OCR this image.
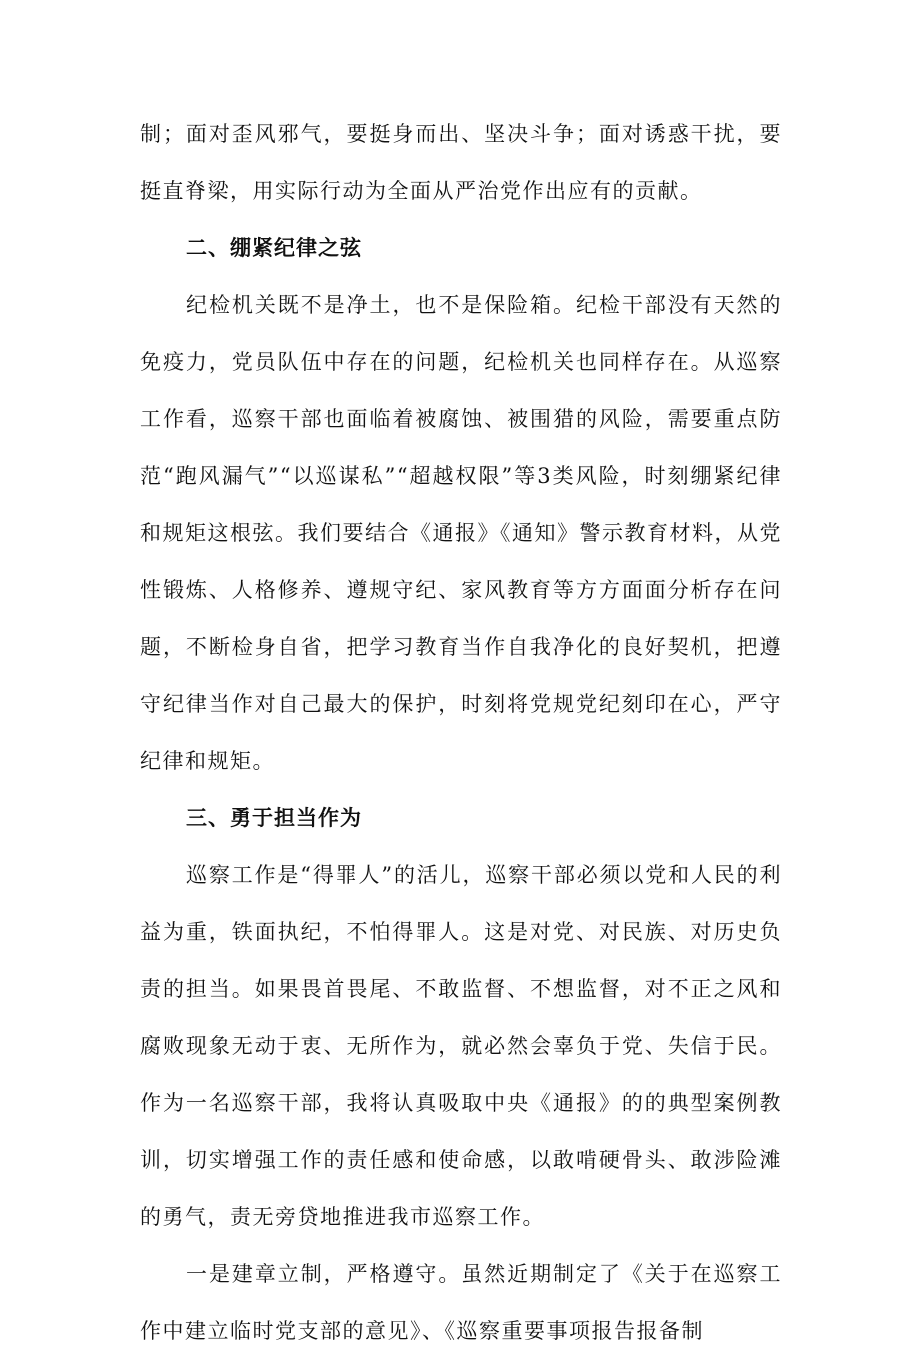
制；面对歪风邪气，要挺身而出、坚决斗争；面对诱惑干扰，要挺直脊梁，用实际行动为全面从严治党作出应有的贡献。

二、绷紧纪律之弦

纪检机关既不是净土，也不是保险箱。纪检干部没有天然的免疫力，党员队伍中存在的问题，纪检机关也同样存在。从巡察工作看，巡察干部也面临着被腐蚀、被围猎的风险，需要重点防范“跑风漏气”“以巡谋私”“超越权限”等3类风险，时刻绷紧纪律和规矩这根弦。我们要结合《通报》《通知》警示教育材料，从党性锻炼、人格修养、遵规守纪、家风教育等方方面面分析存在问题，不断检身自省，把学习教育当作自我净化的良好契机，把遵守纪律当作对自己最大的保护，时刻将党规党纪刻印在心，严守纪律和规矩。

三、勇于担当作为

巡察工作是“得罪人”的活儿，巡察干部必须以党和人民的利益为重，铁面执纪，不怕得罪人。这是对党、对民族、对历史负责的担当。如果畏首畏尾、不敢监督、不想监督，对不正之风和腐败现象无动于衷、无所作为，就必然会辜负于党、失信于民。作为一名巡察干部，我将认真吸取中央《通报》的的典型案例教训，切实增强工作的责任感和使命感，以敢啃硬骨头、敢涉险滩的勇气，责无旁贷地推进我市巡察工作。

一是建章立制，严格遵守。虽然近期制定了《关于在巡察工作中建立临时党支部的意见》、《巡察重要事项报告报备制
